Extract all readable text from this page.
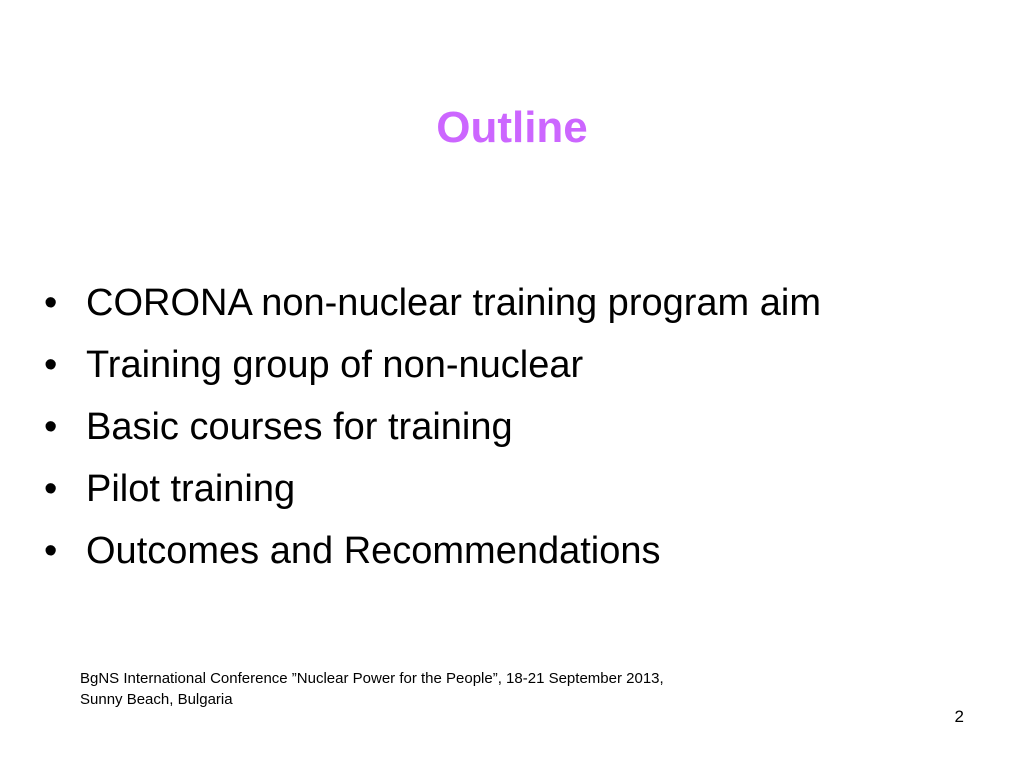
Outline
• CORONA non-nuclear training program aim
• Training group of non-nuclear
• Basic courses for training
• Pilot training
• Outcomes and Recommendations
BgNS International Conference ”Nuclear Power for the People”, 18-21 September 2013,
Sunny Beach, Bulgaria
2
